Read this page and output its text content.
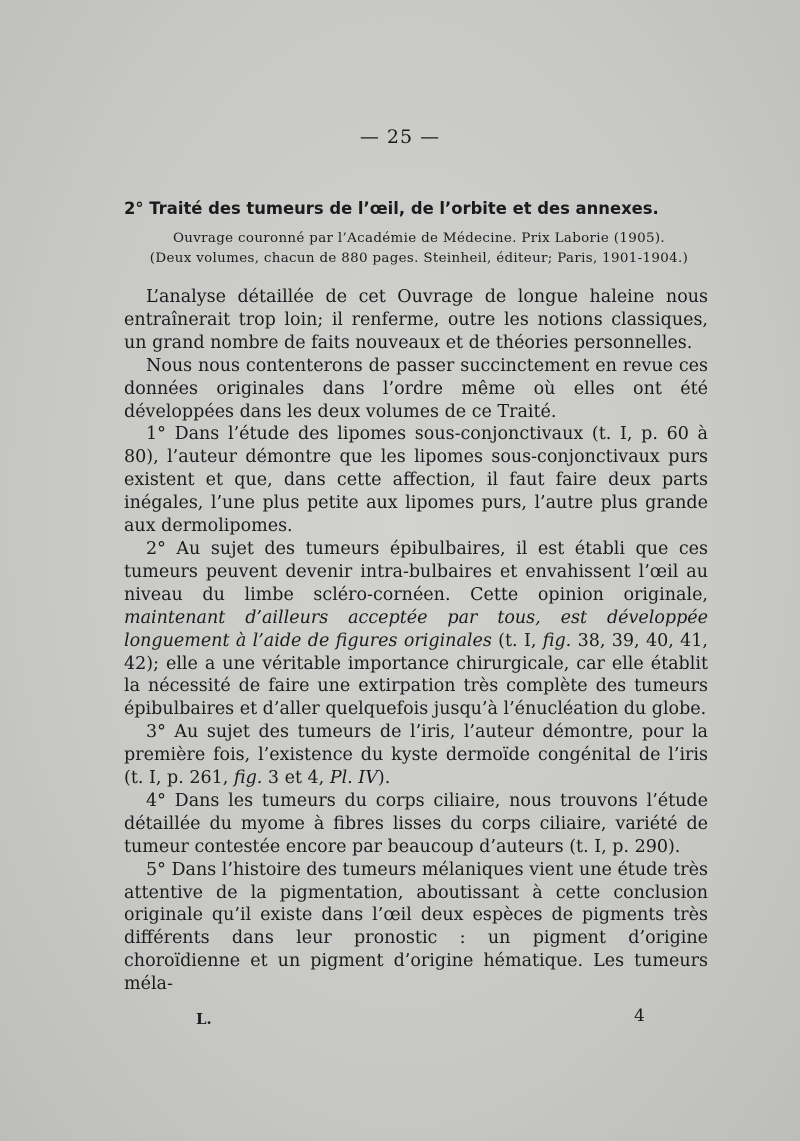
— 25 —
2° Traité des tumeurs de l’œil, de l’orbite et des annexes.
Ouvrage couronné par l’Académie de Médecine. Prix Laborie (1905).
(Deux volumes, chacun de 880 pages. Steinheil, éditeur; Paris, 1901-1904.)

L’analyse détaillée de cet Ouvrage de longue haleine nous entraînerait trop loin; il renferme, outre les notions classiques, un grand nombre de faits nouveaux et de théories personnelles.

Nous nous contenterons de passer succinctement en revue ces données originales dans l’ordre même où elles ont été développées dans les deux volumes de ce Traité.

1° Dans l’étude des lipomes sous-conjonctivaux (t. I, p. 60 à 80), l’auteur démontre que les lipomes sous-conjonctivaux purs existent et que, dans cette affection, il faut faire deux parts inégales, l’une plus petite aux lipomes purs, l’autre plus grande aux dermolipomes.

2° Au sujet des tumeurs épibulbaires, il est établi que ces tumeurs peuvent devenir intra-bulbaires et envahissent l’œil au niveau du limbe scléro-cornéen. Cette opinion originale, maintenant d’ailleurs acceptée par tous, est développée longuement à l’aide de figures originales (t. I, fig. 38, 39, 40, 41, 42); elle a une véritable importance chirurgicale, car elle établit la nécessité de faire une extirpation très complète des tumeurs épibulbaires et d’aller quelquefois jusqu’à l’énucléation du globe.

3° Au sujet des tumeurs de l’iris, l’auteur démontre, pour la première fois, l’existence du kyste dermoïde congénital de l’iris (t. I, p. 261, fig. 3 et 4, Pl. IV).

4° Dans les tumeurs du corps ciliaire, nous trouvons l’étude détaillée du myome à fibres lisses du corps ciliaire, variété de tumeur contestée encore par beaucoup d’auteurs (t. I, p. 290).

5° Dans l’histoire des tumeurs mélaniques vient une étude très attentive de la pigmentation, aboutissant à cette conclusion originale qu’il existe dans l’œil deux espèces de pigments très différents dans leur pronostic : un pigment d’origine choroïdienne et un pigment d’origine hématique. Les tumeurs méla-

L.	4
